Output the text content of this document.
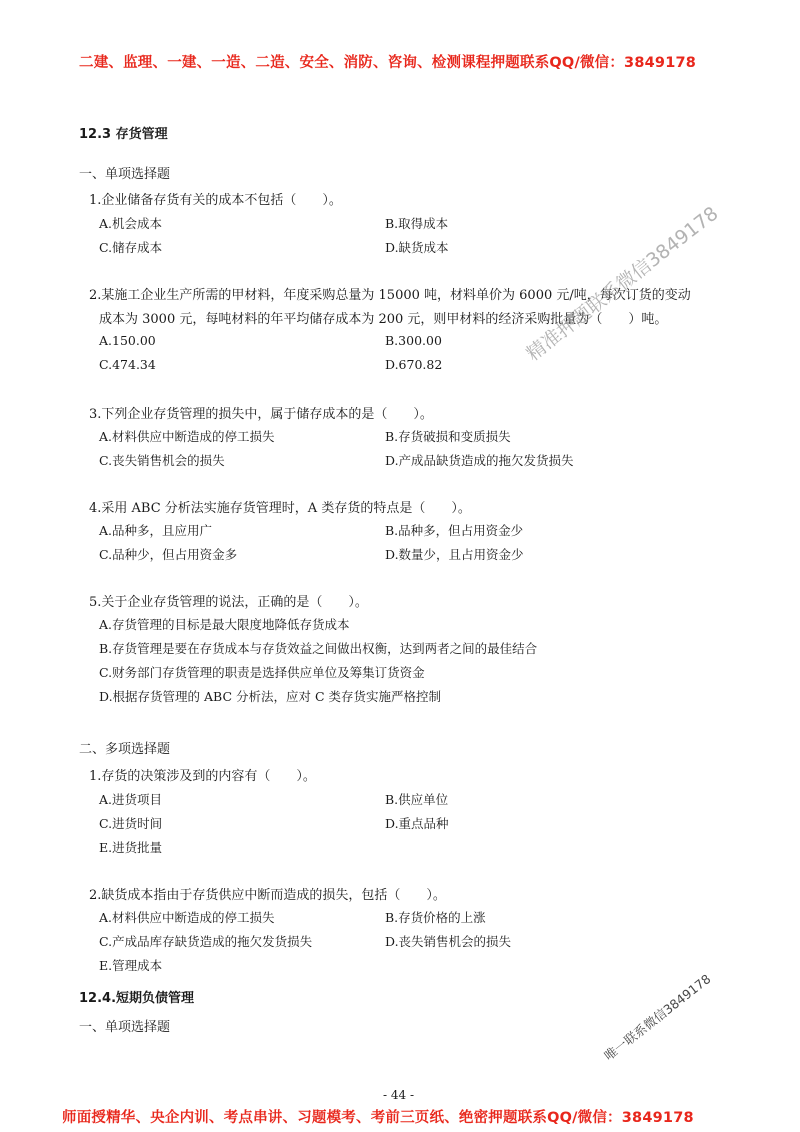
二建、监理、一建、一造、二造、安全、消防、咨询、检测课程押题联系QQ/微信：3849178
12.3 存货管理
一、单项选择题
1.企业储备存货有关的成本不包括（　　）。
A.机会成本	B.取得成本
C.储存成本	D.缺货成本
2.某施工企业生产所需的甲材料，年度采购总量为 15000 吨，材料单价为 6000 元/吨，每次订货的变动
成本为 3000 元，每吨材料的年平均储存成本为 200 元，则甲材料的经济采购批量为（　　）吨。
A.150.00	B.300.00
C.474.34	D.670.82
3.下列企业存货管理的损失中，属于储存成本的是（　　）。
A.材料供应中断造成的停工损失	B.存货破损和变质损失
C.丧失销售机会的损失	D.产成品缺货造成的拖欠发货损失
4.采用 ABC 分析法实施存货管理时，A 类存货的特点是（　　）。
A.品种多，且应用广	B.品种多，但占用资金少
C.品种少，但占用资金多	D.数量少，且占用资金少
5.关于企业存货管理的说法，正确的是（　　）。
A.存货管理的目标是最大限度地降低存货成本
B.存货管理是要在存货成本与存货效益之间做出权衡，达到两者之间的最佳结合
C.财务部门存货管理的职责是选择供应单位及筹集订货资金
D.根据存货管理的 ABC 分析法，应对 C 类存货实施严格控制
二、多项选择题
1.存货的决策涉及到的内容有（　　）。
A.进货项目	B.供应单位
C.进货时间	D.重点品种
E.进货批量
2.缺货成本指由于存货供应中断而造成的损失，包括（　　）。
A.材料供应中断造成的停工损失	B.存货价格的上涨
C.产成品库存缺货造成的拖欠发货损失	D.丧失销售机会的损失
E.管理成本
12.4.短期负债管理
一、单项选择题
精准押题联系微信3849178
唯一联系微信3849178
- 44 -
师面授精华、央企内训、考点串讲、习题模考、考前三页纸、绝密押题联系QQ/微信：3849178
